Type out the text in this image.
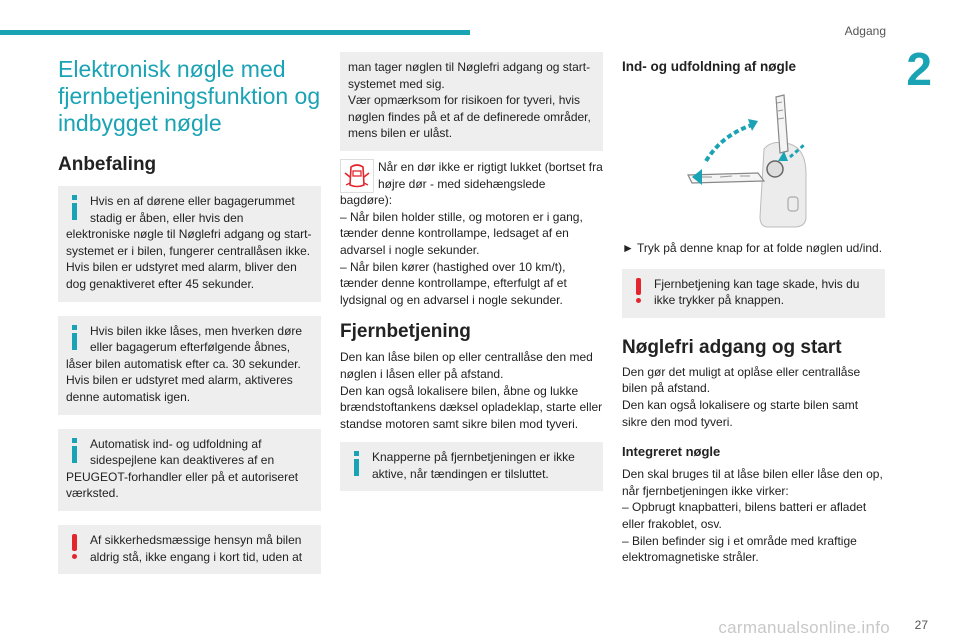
Adgang
2
Elektronisk nøgle med fjernbetjeningsfunktion og indbygget nøgle
Anbefaling

Hvis en af dørene eller bagagerummet stadig er åben, eller hvis den
elektroniske nøgle til Nøglefri adgang og start-systemet er i bilen, fungerer centrallåsen ikke.
Hvis bilen er udstyret med alarm, bliver den dog genaktiveret efter 45 sekunder.

Hvis bilen ikke låses, men hverken døre eller bagagerum efterfølgende åbnes,
låser bilen automatisk efter ca. 30 sekunder.
Hvis bilen er udstyret med alarm, aktiveres denne automatisk igen.

Automatisk ind- og udfoldning af sidespejlene kan deaktiveres af en
PEUGEOT-forhandler eller på et autoriseret værksted.

Af sikkerhedsmæssige hensyn må bilen aldrig stå, ikke engang i kort tid, uden at

man tager nøglen til Nøglefri adgang og start-systemet med sig.
Vær opmærksom for risikoen for tyveri, hvis nøglen findes på et af de definerede områder, mens bilen er ulåst.

Når en dør ikke er rigtigt lukket (bortset fra højre dør - med sidehængslede
bagdøre):
– Når bilen holder stille, og motoren er i gang, tænder denne kontrollampe, ledsaget af en advarsel i nogle sekunder.
– Når bilen kører (hastighed over 10 km/t), tænder denne kontrollampe, efterfulgt af et lydsignal og en advarsel i nogle sekunder.

Fjernbetjening

Den kan låse bilen op eller centrallåse den med nøglen i låsen eller på afstand.
Den kan også lokalisere bilen, åbne og lukke brændstoftankens dæksel opladeklap, starte eller standse motoren samt sikre bilen mod tyveri.

Knapperne på fjernbetjeningen er ikke aktive, når tændingen er tilsluttet.

Ind- og udfoldning af nøgle

► Tryk på denne knap for at folde nøglen ud/ind.

Fjernbetjening kan tage skade, hvis du ikke trykker på knappen.

Nøglefri adgang og start

Den gør det muligt at oplåse eller centrallåse bilen på afstand.
Den kan også lokalisere og starte bilen samt sikre den mod tyveri.

Integreret nøgle

Den skal bruges til at låse bilen eller låse den op, når fjernbetjeningen ikke virker:
– Opbrugt knapbatteri, bilens batteri er afladet eller frakoblet, osv.
– Bilen befinder sig i et område med kraftige elektromagnetiske stråler.

carmanualsonline.info 27
